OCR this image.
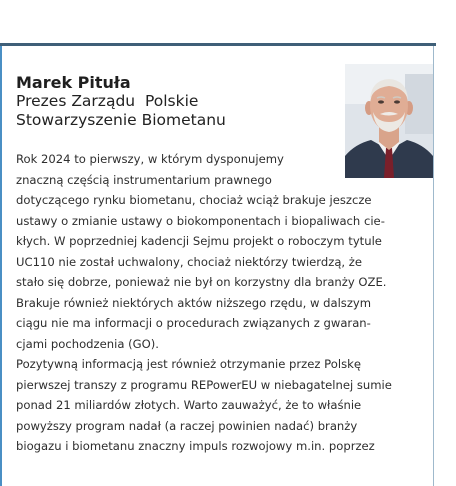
Marek Pituła
Prezes Zarządu  Polskie
Stowarzyszenie Biometanu
Rok 2024 to pierwszy, w którym dysponujemy
znaczną częścią instrumentarium prawnego
dotyczącego rynku biometanu, chociaż wciąż brakuje jeszcze
ustawy o zmianie ustawy o biokomponentach i biopaliwach cie-
kłych. W poprzedniej kadencji Sejmu projekt o roboczym tytule
UC110 nie został uchwalony, chociaż niektórzy twierdzą, że
stało się dobrze, ponieważ nie był on korzystny dla branży OZE.
Brakuje również niektórych aktów niższego rzędu, w dalszym
ciągu nie ma informacji o procedurach związanych z gwaran-
cjami pochodzenia (GO).
Pozytywną informacją jest również otrzymanie przez Polskę
pierwszej transzy z programu REPowerEU w niebagatelnej sumie
ponad 21 miliardów złotych. Warto zauważyć, że to właśnie
powyższy program nadał (a raczej powinien nadać) branży
biogazu i biometanu znaczny impuls rozwojowy m.in. poprzez
